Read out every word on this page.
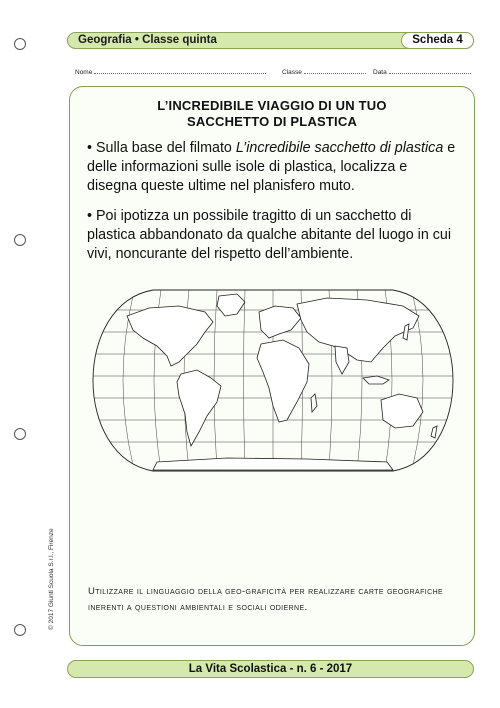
Geografia • Classe quinta	Scheda 4
Nome	Classe	Data
L’INCREDIBILE VIAGGIO DI UN TUO
SACCHETTO DI PLASTICA
• Sulla base del filmato L’incredibile sacchetto di plastica e delle informazioni sulle isole di plastica, localizza e disegna queste ultime nel planisfero muto.
• Poi ipotizza un possibile tragitto di un sacchetto di plastica abbandonato da qualche abitante del luogo in cui vivi, noncurante del rispetto dell’ambiente.
Utilizzare il linguaggio della geo-graficità per realizzare carte geografiche inerenti a questioni ambientali e sociali odierne.
© 2017 Giunti Scuola S.r.l., Firenze
La Vita Scolastica - n. 6 - 2017
